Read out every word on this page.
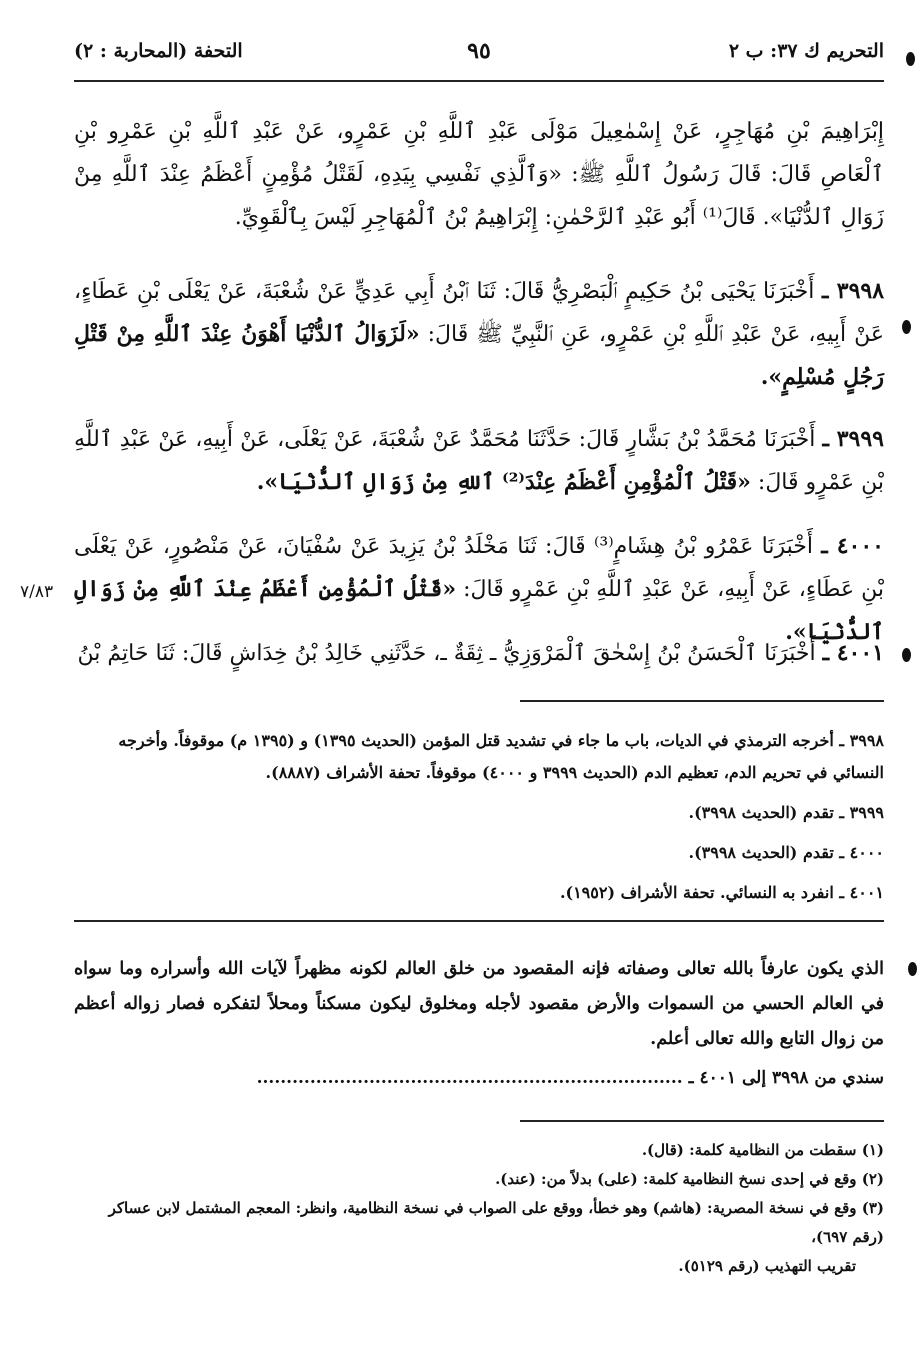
التحريم ك ٣٧: ب ٢
٩٥
التحفة (المحاربة : ٢)
إِبْرَاهِيمَ بْنِ مُهَاجِرٍ، عَنْ إِسْمٰعِيلَ مَوْلَى عَبْدِ ٱللَّهِ بْنِ عَمْرٍو، عَنْ عَبْدِ ٱللَّهِ بْنِ عَمْرِو بْنِ ٱلْعَاصِ قَالَ: قَالَ رَسُولُ ٱللَّهِ ﷺ: «وَٱلَّذِي نَفْسِي بِيَدِهِ، لَقَتْلُ مُؤْمِنٍ أَعْظَمُ عِنْدَ ٱللَّهِ مِنْ زَوَالِ ٱلدُّنْيَا». قَالَ⁽¹⁾ أَبُو عَبْدِ ٱلرَّحْمٰنِ: إِبْرَاهِيمُ بْنُ ٱلْمُهَاجِرِ لَيْسَ بِٱلْقَوِيِّ.
٣٩٩٨ ـ أَخْبَرَنَا يَحْيَى بْنُ حَكِيمٍ ٱلْبَصْرِيُّ قَالَ: ثَنَا ٱبْنُ أَبِي عَدِيٍّ عَنْ شُعْبَةَ، عَنْ يَعْلَى بْنِ عَطَاءٍ، عَنْ أَبِيهِ، عَنْ عَبْدِ ٱللَّهِ بْنِ عَمْرٍو، عَنِ ٱلنَّبِيِّ ﷺ قَالَ: «لَزَوَالُ ٱلدُّنْيَا أَهْوَنُ عِنْدَ ٱللَّهِ مِنْ قَتْلِ رَجُلٍ مُسْلِمٍ».
٣٩٩٩ ـ أَخْبَرَنَا مُحَمَّدُ بْنُ بَشَّارٍ قَالَ: حَدَّثَنَا مُحَمَّدٌ عَنْ شُعْبَةَ، عَنْ يَعْلَى، عَنْ أَبِيهِ، عَنْ عَبْدِ ٱللَّهِ بْنِ عَمْرٍو قَالَ: «قَتْلُ ٱلْمُؤْمِنِ أَعْظَمُ عِنْدَ⁽²⁾ ٱللهِ مِنْ زَوَالِ ٱلدُّنْيَا».
٤٠٠٠ ـ أَخْبَرَنَا عَمْرُو بْنُ هِشَامٍ⁽³⁾ قَالَ: ثَنَا مَخْلَدُ بْنُ يَزِيدَ عَنْ سُفْيَانَ، عَنْ مَنْصُورٍ، عَنْ يَعْلَى بْنِ عَطَاءٍ، عَنْ أَبِيهِ، عَنْ عَبْدِ ٱللَّهِ بْنِ عَمْرٍو قَالَ: «قَتْلُ ٱلْمُؤْمِنِ أَعْظَمُ عِنْدَ ٱللَّهِ مِنْ زَوَالِ ٱلدُّنْيَا».
٧/٨٣
٤٠٠١ ـ أَخْبَرَنَا ٱلْحَسَنُ بْنُ إِسْحٰقَ ٱلْمَرْوَزِيُّ ـ ثِقَةٌ ـ، حَدَّثَنِي خَالِدُ بْنُ خِدَاشٍ قَالَ: ثَنَا حَاتِمُ بْنُ

٣٩٩٨ ـ أخرجه الترمذي في الديات، باب ما جاء في تشديد قتل المؤمن (الحديث ١٣٩٥) و (١٣٩٥ م) موقوفاً. وأخرجه النسائي في تحريم الدم، تعظيم الدم (الحديث ٣٩٩٩ و ٤٠٠٠) موقوفاً. تحفة الأشراف (٨٨٨٧).

٣٩٩٩ ـ تقدم (الحديث ٣٩٩٨).

٤٠٠٠ ـ تقدم (الحديث ٣٩٩٨).

٤٠٠١ ـ انفرد به النسائي. تحفة الأشراف (١٩٥٢).

الذي يكون عارفاً بالله تعالى وصفاته فإنه المقصود من خلق العالم لكونه مظهراً لآيات الله وأسراره وما سواه في العالم الحسي من السموات والأرض مقصود لأجله ومخلوق ليكون مسكناً ومحلاً لتفكره فصار زواله أعظم من زوال التابع والله تعالى أعلم.
سندي من ٣٩٩٨ إلى ٤٠٠١ ـ ........................................................................

(١) سقطت من النظامية كلمة: (قال).

(٢) وقع في إحدى نسخ النظامية كلمة: (على) بدلاً من: (عند).

(٣) وقع في نسخة المصرية: (هاشم) وهو خطأ، ووقع على الصواب في نسخة النظامية، وانظر: المعجم المشتمل لابن عساكر (رقم ٦٩٧)،

تقريب التهذيب (رقم ٥١٢٩).
